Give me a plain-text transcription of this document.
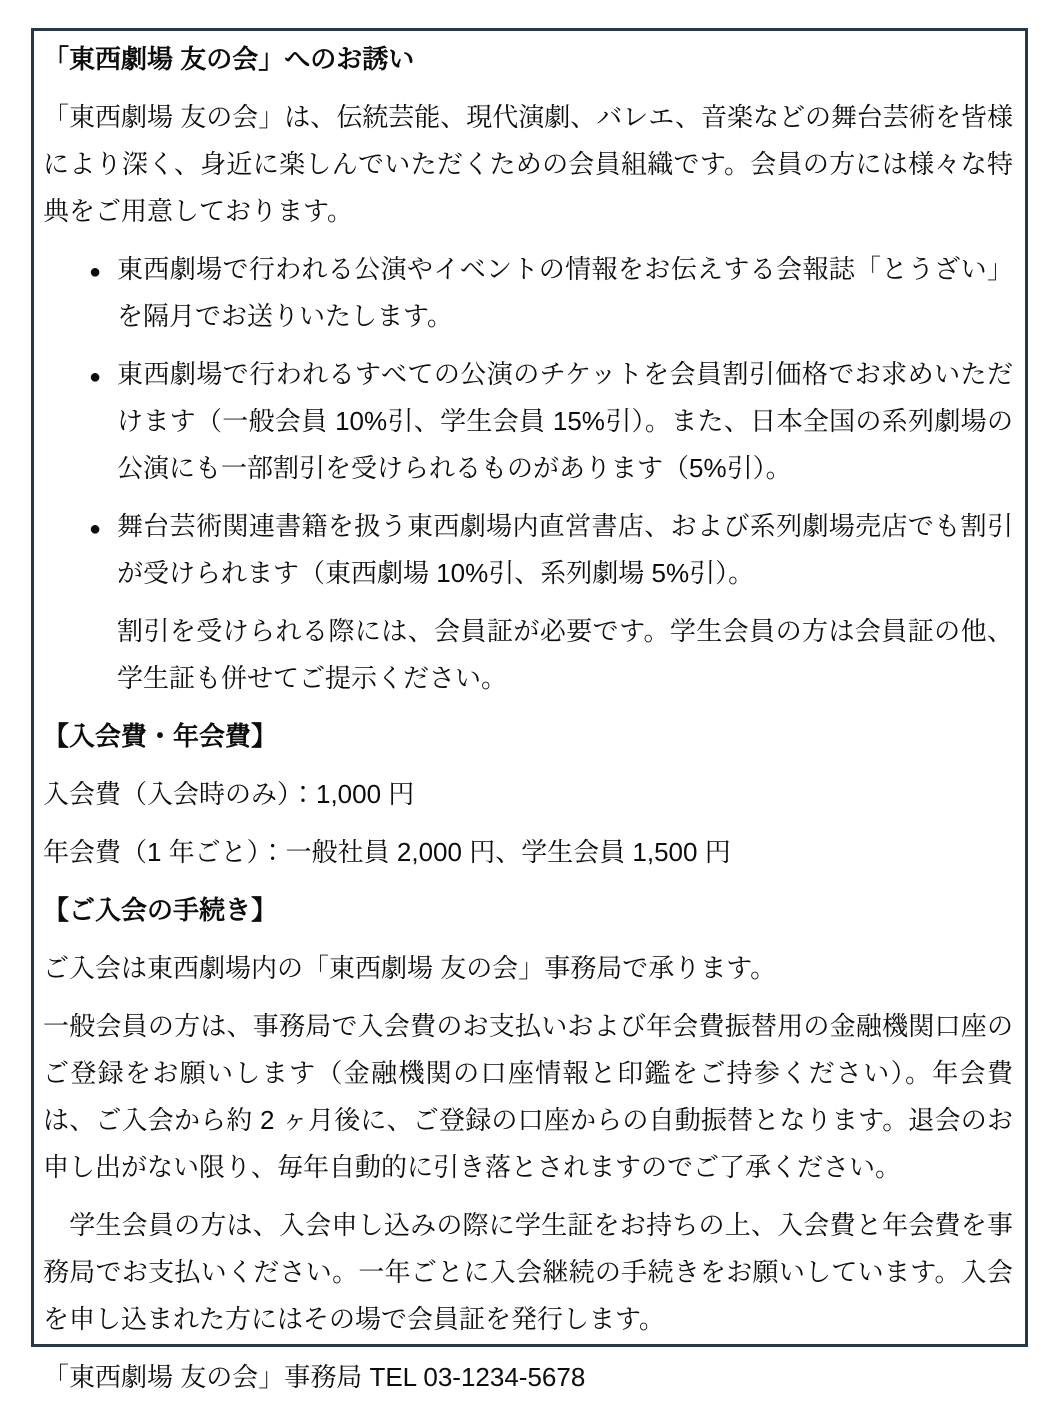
「東西劇場 友の会」へのお誘い

「東西劇場 友の会」は、伝統芸能、現代演劇、バレエ、音楽などの舞台芸術を皆様により深く、身近に楽しんでいただくための会員組織です。会員の方には様々な特典をご用意しております。

● 東西劇場で行われる公演やイベントの情報をお伝えする会報誌「とうざい」を隔月でお送りいたします。
● 東西劇場で行われるすべての公演のチケットを会員割引価格でお求めいただけます（一般会員 10%引、学生会員 15%引）。また、日本全国の系列劇場の公演にも一部割引を受けられるものがあります（5%引）。
● 舞台芸術関連書籍を扱う東西劇場内直営書店、および系列劇場売店でも割引が受けられます（東西劇場 10%引、系列劇場 5%引）。

割引を受けられる際には、会員証が必要です。学生会員の方は会員証の他、学生証も併せてご提示ください。

【入会費・年会費】

入会費（入会時のみ）：1,000 円

年会費（1 年ごと）：一般社員 2,000 円、学生会員 1,500 円

【ご入会の手続き】

ご入会は東西劇場内の「東西劇場 友の会」事務局で承ります。

一般会員の方は、事務局で入会費のお支払いおよび年会費振替用の金融機関口座のご登録をお願いします（金融機関の口座情報と印鑑をご持参ください）。年会費は、ご入会から約 2 ヶ月後に、ご登録の口座からの自動振替となります。退会のお申し出がない限り、毎年自動的に引き落とされますのでご了承ください。

　学生会員の方は、入会申し込みの際に学生証をお持ちの上、入会費と年会費を事務局でお支払いください。一年ごとに入会継続の手続きをお願いしています。入会を申し込まれた方にはその場で会員証を発行します。

「東西劇場 友の会」事務局 TEL 03-1234-5678
